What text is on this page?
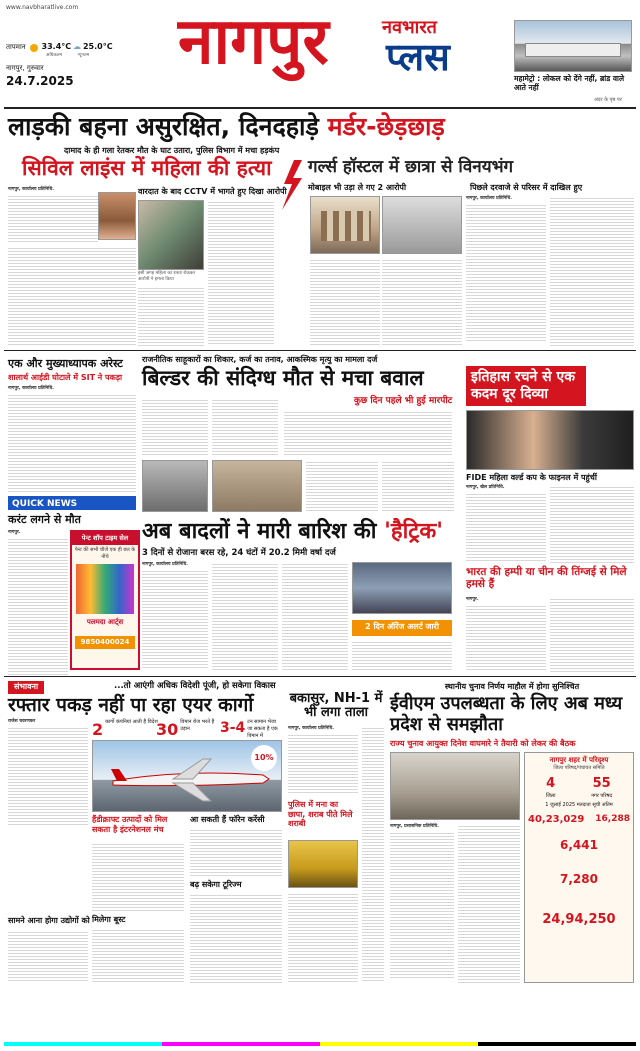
www.navbharatlive.com
तापमान 33.4°C ☁ 25.0°C
अधिकतम	न्यूनतम
नागपुर, गुरुवार
24.7.2025
नागपुर	नवभारत
प्लस	महामेट्रो : लोकल को देंगे नहीं, ब्रांड वाले आते नहीं
अंदर के पृष्ठ पर
लाड़की बहना असुरक्षित, दिनदहाड़े मर्डर-छेड़छाड़
दामाद के ही गला रेतकर मौत के घाट उतारा, पुलिस विभाग में मचा हड़कंप
सिविल लाइंस में महिला की हत्या गर्ल्स हॉस्टल में छात्रा से विनयभंग
मोबाइल भी उड़ा ले गए 2 आरोपी	पिछले दरवाजे से परिसर में दाखिल हुए
नागपुर, कार्यालय प्रतिनिधि.	वारदात के बाद CCTV में भागते हुए दिखा आरोपी
इसी जगह महिला का रास्ता रोककर आरोपी ने हमला किया
नागपुर, कार्यालय प्रतिनिधि.
एक और मुख्याध्यापक अरेस्ट
शालार्थ आईडी घोटाले में SIT ने पकड़ा
नागपुर, कार्यालय प्रतिनिधि.
QUICK NEWS
करंट लगने से मौत
नागपुर.
पेन्ट शॉप टाइम सेल
पेन्ट की सभी चीजें एक ही छत के नीचे
पलमदा आर्ट्स
9850400024
राजनीतिक साहूकारों का शिकार, कर्ज का तनाव, आकस्मिक मृत्यु का मामला दर्ज
बिल्डर की संदिग्ध मौत से मचा बवाल
कुछ दिन पहले भी हुई मारपीट
इतिहास रचने से एक कदम दूर दिव्या
FIDE महिला वर्ल्ड कप के फाइनल में पहुंचीं
नागपुर, खेल प्रतिनिधि.
अब बादलों ने मारी बारिश की 'हैट्रिक'
3 दिनों से रोजाना बरस रहे, 24 घंटों में 20.2 मिमी वर्षा दर्ज
नागपुर, कार्यालय प्रतिनिधि.
2 दिन ऑरेंज अलर्ट जारी
भारत की हम्पी या चीन की तिंग्जई से मिले हमसे हैं
नागपुर.
संभावना	...तो आएंगी अधिक विदेशी पूंजी, हो सकेगा विकास
रफ्तार पकड़ नहीं पा रहा एयर कार्गो
राजेश चवरणकर	2 कार्गो कंपनियां आती हैं विदेश
30 विमान रोज भरते हैं उड़ान	3-4 टन सामान भेजा जा सकता है एक विमान में
10%
हैंडीक्राफ्ट उत्पादों को मिल सकता है इंटरनेशनल मंच
आ सकती हैं फॉरेन करेंसी
बढ़ सकेगा टूरिज्म
मिलेगा बूस्ट
सामने आना होगा उद्योगों को
बकासुर, NH-1 में भी लगा ताला
नागपुर, कार्यालय प्रतिनिधि.
पुलिस में मना का छापा, शराब पीते मिले शराबी
स्थानीय चुनाव निर्णय माहौल में होगा सुनिश्चित
ईवीएम उपलब्धता के लिए अब मध्य प्रदेश से समझौता
राज्य चुनाव आयुक्त दिनेश वाघमारे ने तैयारी को लेकर की बैठक
नागपुर, प्रशासनिक प्रतिनिधि.
नागपुर शहर में परिदृश्य
जिला परिषद/पंचायत समिति
4
जिला
55
नगर परिषद
1 जुलाई 2025 मतदाता सूची अंतिम
40,23,029 16,288
6,441
7,280
24,94,250
